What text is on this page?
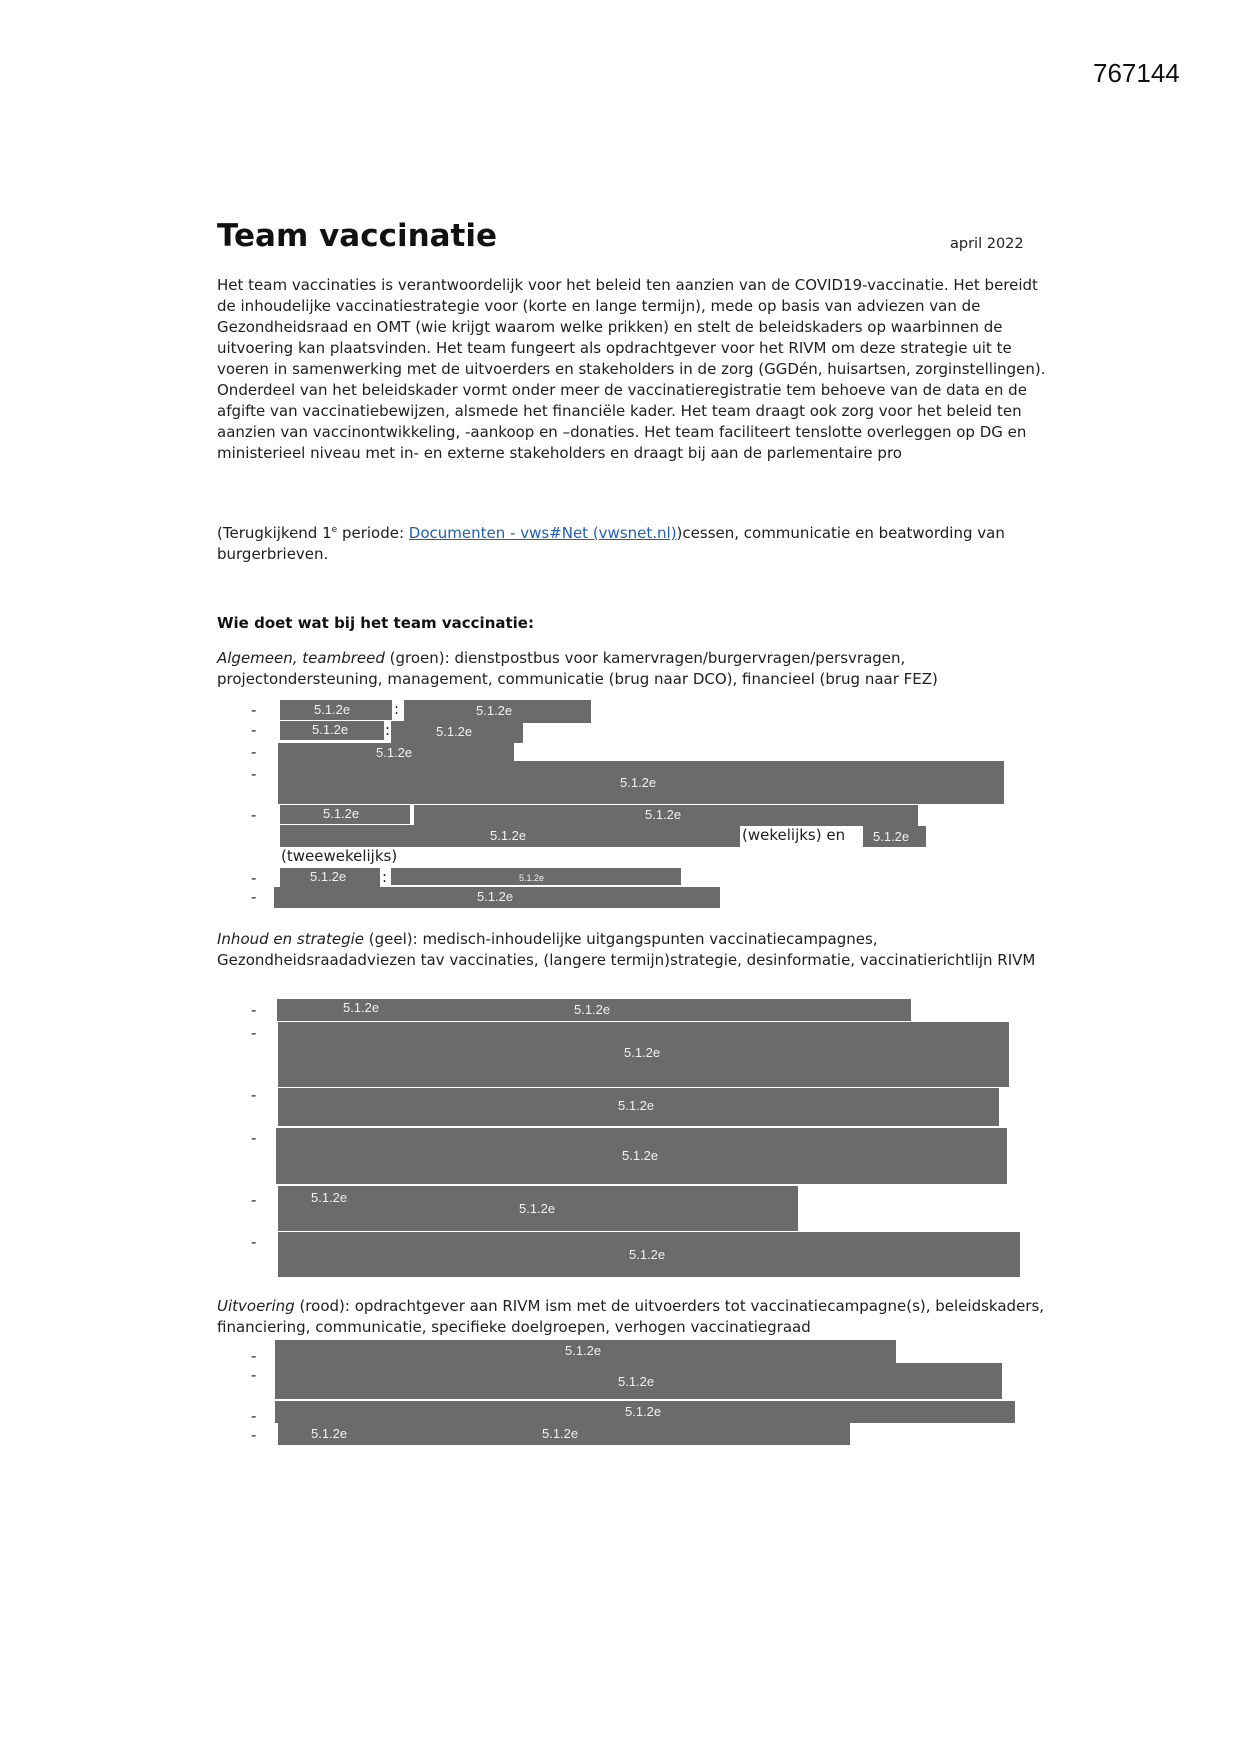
767144
Team vaccinatie	april 2022

Het team vaccinaties is verantwoordelijk voor het beleid ten aanzien van de COVID19-vaccinatie. Het bereidt de inhoudelijke vaccinatiestrategie voor (korte en lange termijn), mede op basis van adviezen van de Gezondheidsraad en OMT (wie krijgt waarom welke prikken) en stelt de beleidskaders op waarbinnen de uitvoering kan plaatsvinden. Het team fungeert als opdrachtgever voor het RIVM om deze strategie uit te voeren in samenwerking met de uitvoerders en stakeholders in de zorg (GGDén, huisartsen, zorginstellingen). Onderdeel van het beleidskader vormt onder meer de vaccinatieregistratie tem behoeve van de data en de afgifte van vaccinatiebewijzen, alsmede het financiële kader. Het team draagt ook zorg voor het beleid ten aanzien van vaccinontwikkeling, -aankoop en –donaties. Het team faciliteert tenslotte overleggen op DG en ministerieel niveau met in- en externe stakeholders en draagt bij aan de parlementaire pro

(Terugkijkend 1e periode: Documenten - vws#Net (vwsnet.nl))cessen, communicatie en beatwording van burgerbrieven.

Wie doet wat bij het team vaccinatie:

Algemeen, teambreed (groen): dienstpostbus voor kamervragen/burgervragen/persvragen, projectondersteuning, management, communicatie (brug naar DCO), financieel (brug naar FEZ)

-	5.1.2e	:	5.1.2e
-	5.1.2e :	5.1.2e
-	5.1.2e
-	5.1.2e
-	5.1.2e	5.1.2e
5.1.2e	(wekelijks) en 5.1.2e
(tweewekelijks)
-	5.1.2e :	5.1.2e
-	5.1.2e

Inhoud en strategie (geel): medisch-inhoudelijke uitgangspunten vaccinatiecampagnes, Gezondheidsraadadviezen tav vaccinaties, (langere termijn)strategie, desinformatie, vaccinatierichtlijn RIVM

-	5.1.2e	5.1.2e
-
5.1.2e
-
5.1.2e
-
5.1.2e
-	5.1.2e
5.1.2e
-
5.1.2e

Uitvoering (rood): opdrachtgever aan RIVM ism met de uitvoerders tot vaccinatiecampagne(s), beleidskaders, financiering, communicatie, specifieke doelgroepen, verhogen vaccinatiegraad

-	5.1.2e
-	5.1.2e
-	5.1.2e
-	5.1.2e	5.1.2e
